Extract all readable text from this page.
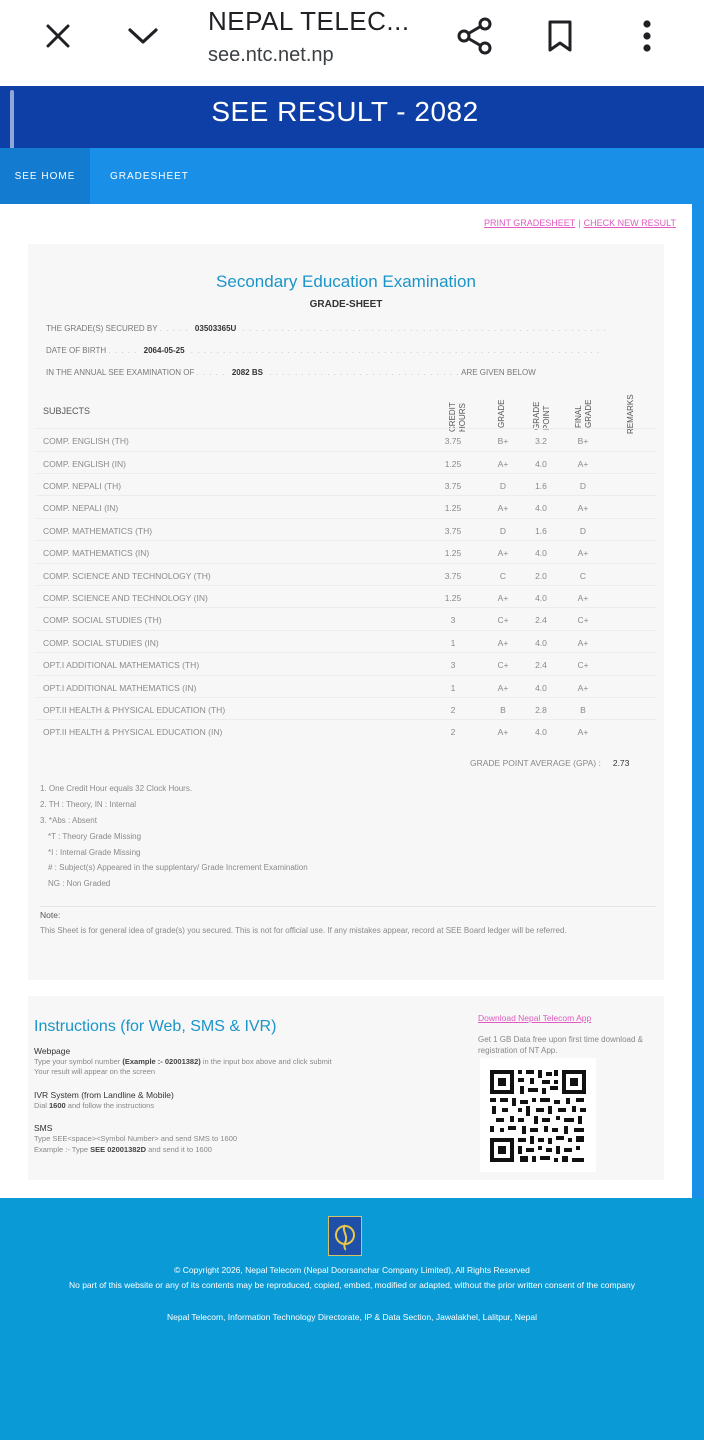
NEPAL TELEC...
see.ntc.net.np
SEE RESULT - 2082
SEE HOME	GRADESHEET
PRINT GRADESHEET | CHECK NEW RESULT
Secondary Education Examination
GRADE-SHEET
THE GRADE(S) SECURED BY . . . . . 03503365U . . . . . . . . . . . . . . . . . . . . . . . . . . . . . . . . . . . . . . . . . . . . . . . . . . . . . . . . .
DATE OF BIRTH . . . . . 2064-05-25 . . . . . . . . . . . . . . . . . . . . . . . . . . . . . . . . . . . . . . . . . . . . . . . . . . . . . . . . . . . . . . . .
IN THE ANNUAL SEE EXAMINATION OF . . . . . 2082 BS . . . . . . . . . . . . . . . . . . . . . . . . . . . . . . ARE GIVEN BELOW
SUBJECTS	CREDIT HOURS	GRADE	GRADE POINT	FINAL GRADE	REMARKS
COMP. ENGLISH (TH)	3.75	B+	3.2	B+
COMP. ENGLISH (IN)	1.25	A+	4.0	A+
COMP. NEPALI (TH)	3.75	D	1.6	D
COMP. NEPALI (IN)	1.25	A+	4.0	A+
COMP. MATHEMATICS (TH)	3.75	D	1.6	D
COMP. MATHEMATICS (IN)	1.25	A+	4.0	A+
COMP. SCIENCE AND TECHNOLOGY (TH)	3.75	C	2.0	C
COMP. SCIENCE AND TECHNOLOGY (IN)	1.25	A+	4.0	A+
COMP. SOCIAL STUDIES (TH)	3	C+	2.4	C+
COMP. SOCIAL STUDIES (IN)	1	A+	4.0	A+
OPT.I ADDITIONAL MATHEMATICS (TH)	3	C+	2.4	C+
OPT.I ADDITIONAL MATHEMATICS (IN)	1	A+	4.0	A+
OPT.II HEALTH & PHYSICAL EDUCATION (TH)	2	B	2.8	B
OPT.II HEALTH & PHYSICAL EDUCATION (IN)	2	A+	4.0	A+
GRADE POINT AVERAGE (GPA) : 2.73
1. One Credit Hour equals 32 Clock Hours.
2. TH : Theory, IN : Internal
3. *Abs : Absent
*T : Theory Grade Missing
*I : Internal Grade Missing
# : Subject(s) Appeared in the supplentary/ Grade Increment Examination
NG : Non Graded
Note:
This Sheet is for general idea of grade(s) you secured. This is not for official use. If any mistakes appear, record at SEE Board ledger will be referred.
Instructions (for Web, SMS & IVR)
Webpage
Type your symbol number (Example :- 02001382) in the input box above and click submit
Your result will appear on the screen
IVR System (from Landline & Mobile)
Dial 1600 and follow the instructions
SMS
Type SEE<space><Symbol Number> and send SMS to 1600
Example :- Type SEE 02001382D and send it to 1600
Download Nepal Telecom App
Get 1 GB Data free upon first time download & registration of NT App.
© Copyright 2026, Nepal Telecom (Nepal Doorsanchar Company Limited), All Rights Reserved
No part of this website or any of its contents may be reproduced, copied, embed, modified or adapted, without the prior written consent of the company
Nepal Telecom, Information Technology Directorate, IP & Data Section, Jawalakhel, Lalitpur, Nepal
